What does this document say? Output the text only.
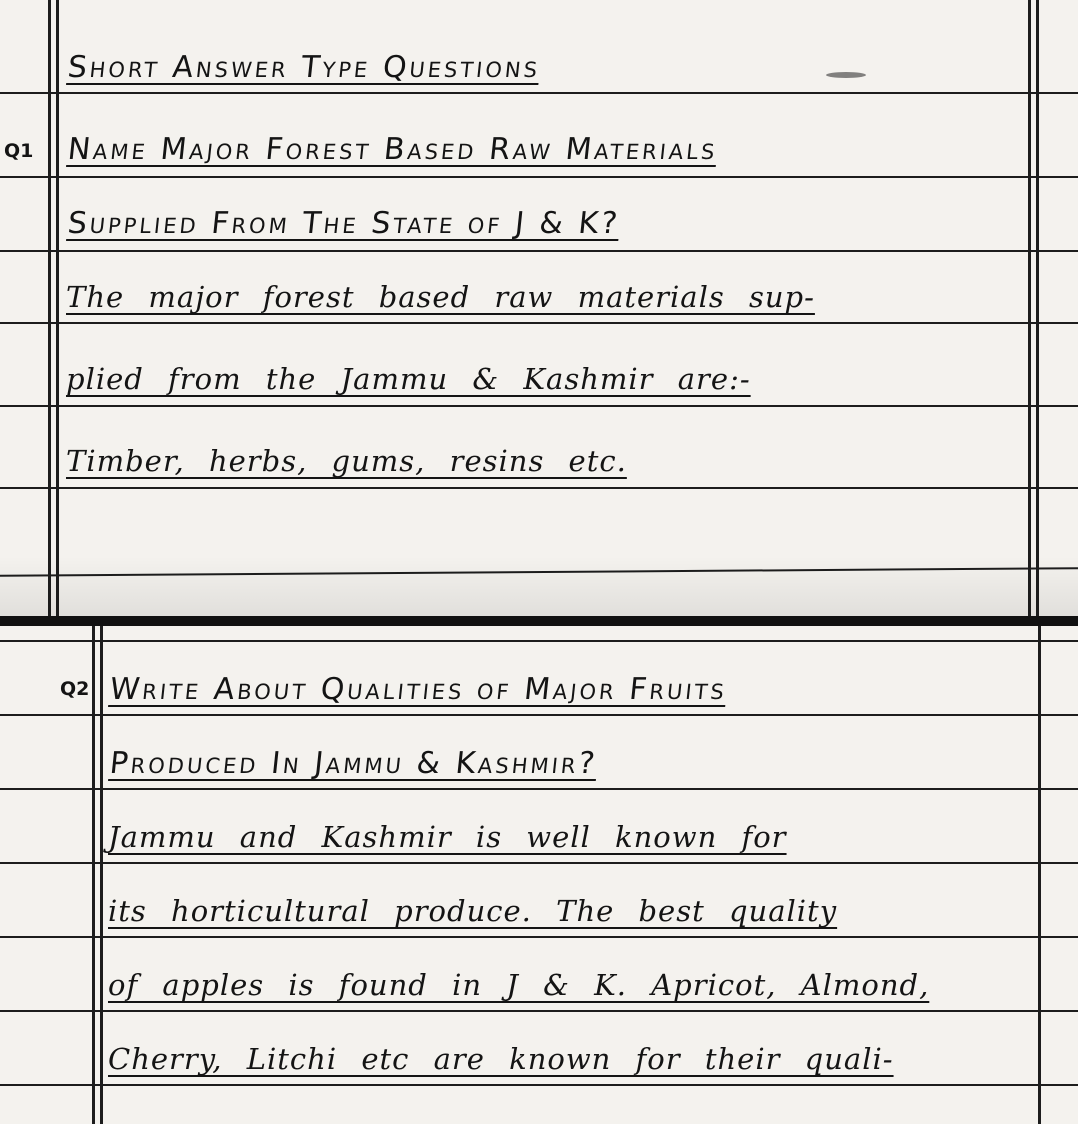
Q1
Short Answer Type Questions
Name Major Forest Based Raw Materials
Supplied From The State of J & K?
The major forest based raw materials sup-
plied from the Jammu & Kashmir are:-
Timber, herbs, gums, resins etc.
Q2 Write About Qualities of Major Fruits
Produced In Jammu & Kashmir?
Jammu and Kashmir is well known for
its horticultural produce. The best quality
of apples is found in J & K. Apricot, Almond,
Cherry, Litchi etc are known for their quali-
